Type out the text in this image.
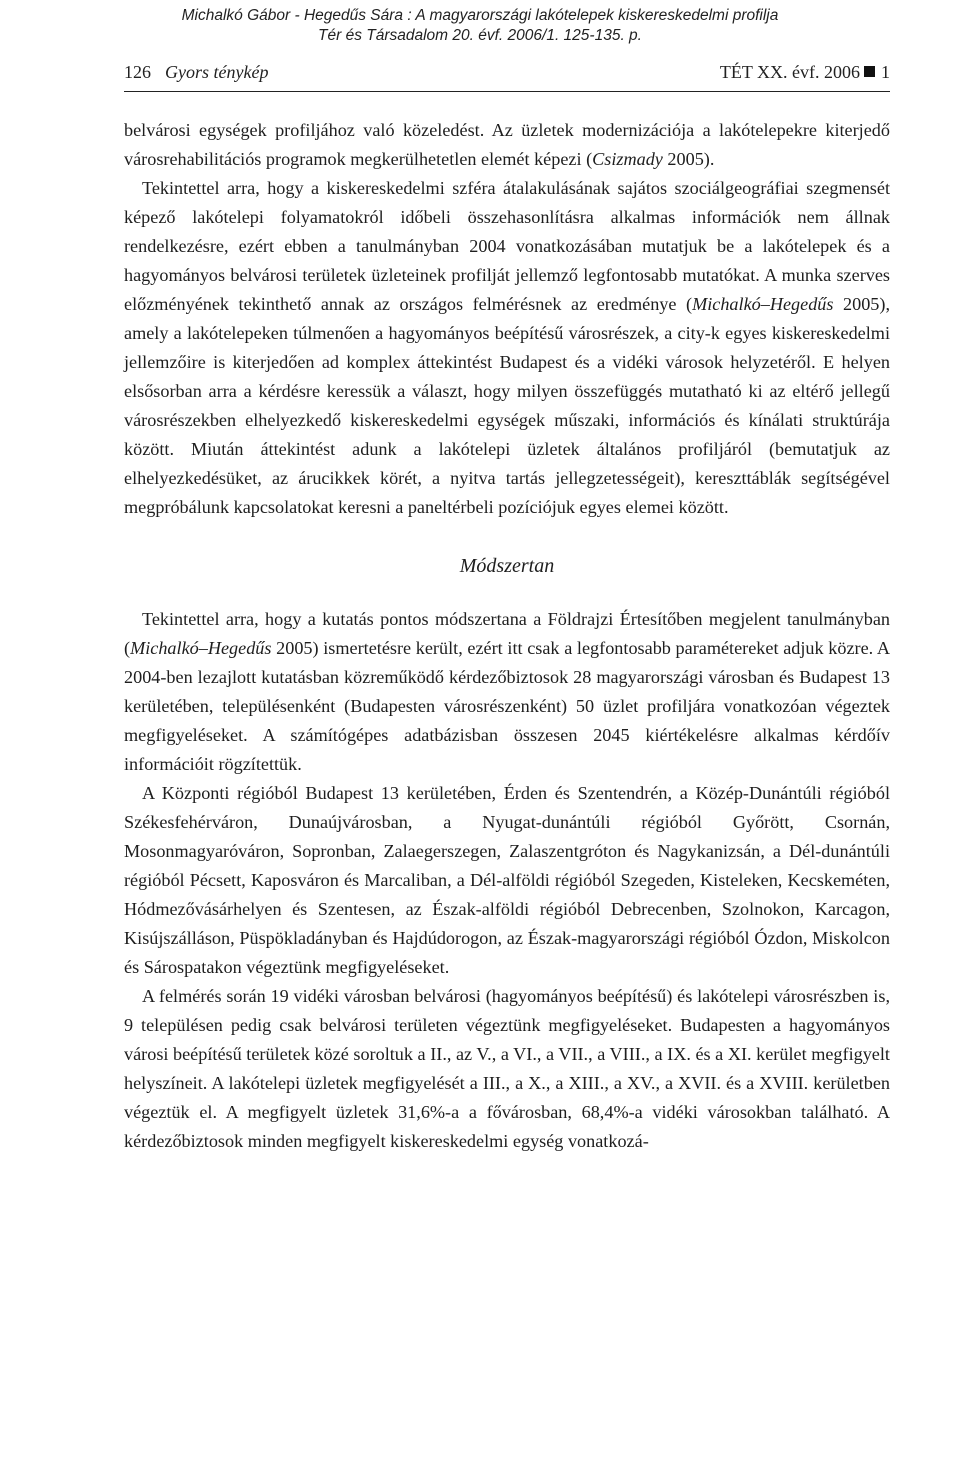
Michalkó Gábor - Hegedűs Sára : A magyarországi lakótelepek kiskereskedelmi profilja
Tér és Társadalom 20. évf. 2006/1. 125-135. p.
126 Gyors ténykép	TÉT XX. évf. 2006 1

belvárosi egységek profiljához való közeledést. Az üzletek modernizációja a lakótelepekre kiterjedő városrehabilitációs programok megkerülhetetlen elemét képezi (Csizmady 2005).

Tekintettel arra, hogy a kiskereskedelmi szféra átalakulásának sajátos szociálgeográfiai szegmensét képező lakótelepi folyamatokról időbeli összehasonlításra alkalmas információk nem állnak rendelkezésre, ezért ebben a tanulmányban 2004 vonatkozásában mutatjuk be a lakótelepek és a hagyományos belvárosi területek üzleteinek profilját jellemző legfontosabb mutatókat. A munka szerves előzményének tekinthető annak az országos felmérésnek az eredménye (Michalkó–Hegedűs 2005), amely a lakótelepeken túlmenően a hagyományos beépítésű városrészek, a city-k egyes kiskereskedelmi jellemzőire is kiterjedően ad komplex áttekintést Budapest és a vidéki városok helyzetéről. E helyen elsősorban arra a kérdésre keressük a választ, hogy milyen összefüggés mutatható ki az eltérő jellegű városrészekben elhelyezkedő kiskereskedelmi egységek műszaki, információs és kínálati struktúrája között. Miután áttekintést adunk a lakótelepi üzletek általános profiljáról (bemutatjuk az elhelyezkedésüket, az árucikkek körét, a nyitva tartás jellegzetességeit), kereszttáblák segítségével megpróbálunk kapcsolatokat keresni a paneltérbeli pozíciójuk egyes elemei között.

Módszertan

Tekintettel arra, hogy a kutatás pontos módszertana a Földrajzi Értesítőben megjelent tanulmányban (Michalkó–Hegedűs 2005) ismertetésre került, ezért itt csak a legfontosabb paramétereket adjuk közre. A 2004-ben lezajlott kutatásban közreműködő kérdezőbiztosok 28 magyarországi városban és Budapest 13 kerületében, településenként (Budapesten városrészenként) 50 üzlet profiljára vonatkozóan végeztek megfigyeléseket. A számítógépes adatbázisban összesen 2045 kiértékelésre alkalmas kérdőív információit rögzítettük.

A Központi régióból Budapest 13 kerületében, Érden és Szentendrén, a Közép-Dunántúli régióból Székesfehérváron, Dunaújvárosban, a Nyugat-dunántúli régióból Győrött, Csornán, Mosonmagyaróváron, Sopronban, Zalaegerszegen, Zalaszentgróton és Nagykanizsán, a Dél-dunántúli régióból Pécsett, Kaposváron és Marcaliban, a Dél-alföldi régióból Szegeden, Kisteleken, Kecskeméten, Hódmezővásárhelyen és Szentesen, az Észak-alföldi régióból Debrecenben, Szolnokon, Karcagon, Kisújszálláson, Püspökladányban és Hajdúdorogon, az Észak-magyarországi régióból Ózdon, Miskolcon és Sárospatakon végeztünk megfigyeléseket.

A felmérés során 19 vidéki városban belvárosi (hagyományos beépítésű) és lakótelepi városrészben is, 9 településen pedig csak belvárosi területen végeztünk megfigyeléseket. Budapesten a hagyományos városi beépítésű területek közé soroltuk a II., az V., a VI., a VII., a VIII., a IX. és a XI. kerület megfigyelt helyszíneit. A lakótelepi üzletek megfigyelését a III., a X., a XIII., a XV., a XVII. és a XVIII. kerületben végeztük el. A megfigyelt üzletek 31,6%-a a fővárosban, 68,4%-a vidéki városokban található. A kérdezőbiztosok minden megfigyelt kiskereskedelmi egység vonatkozá-
